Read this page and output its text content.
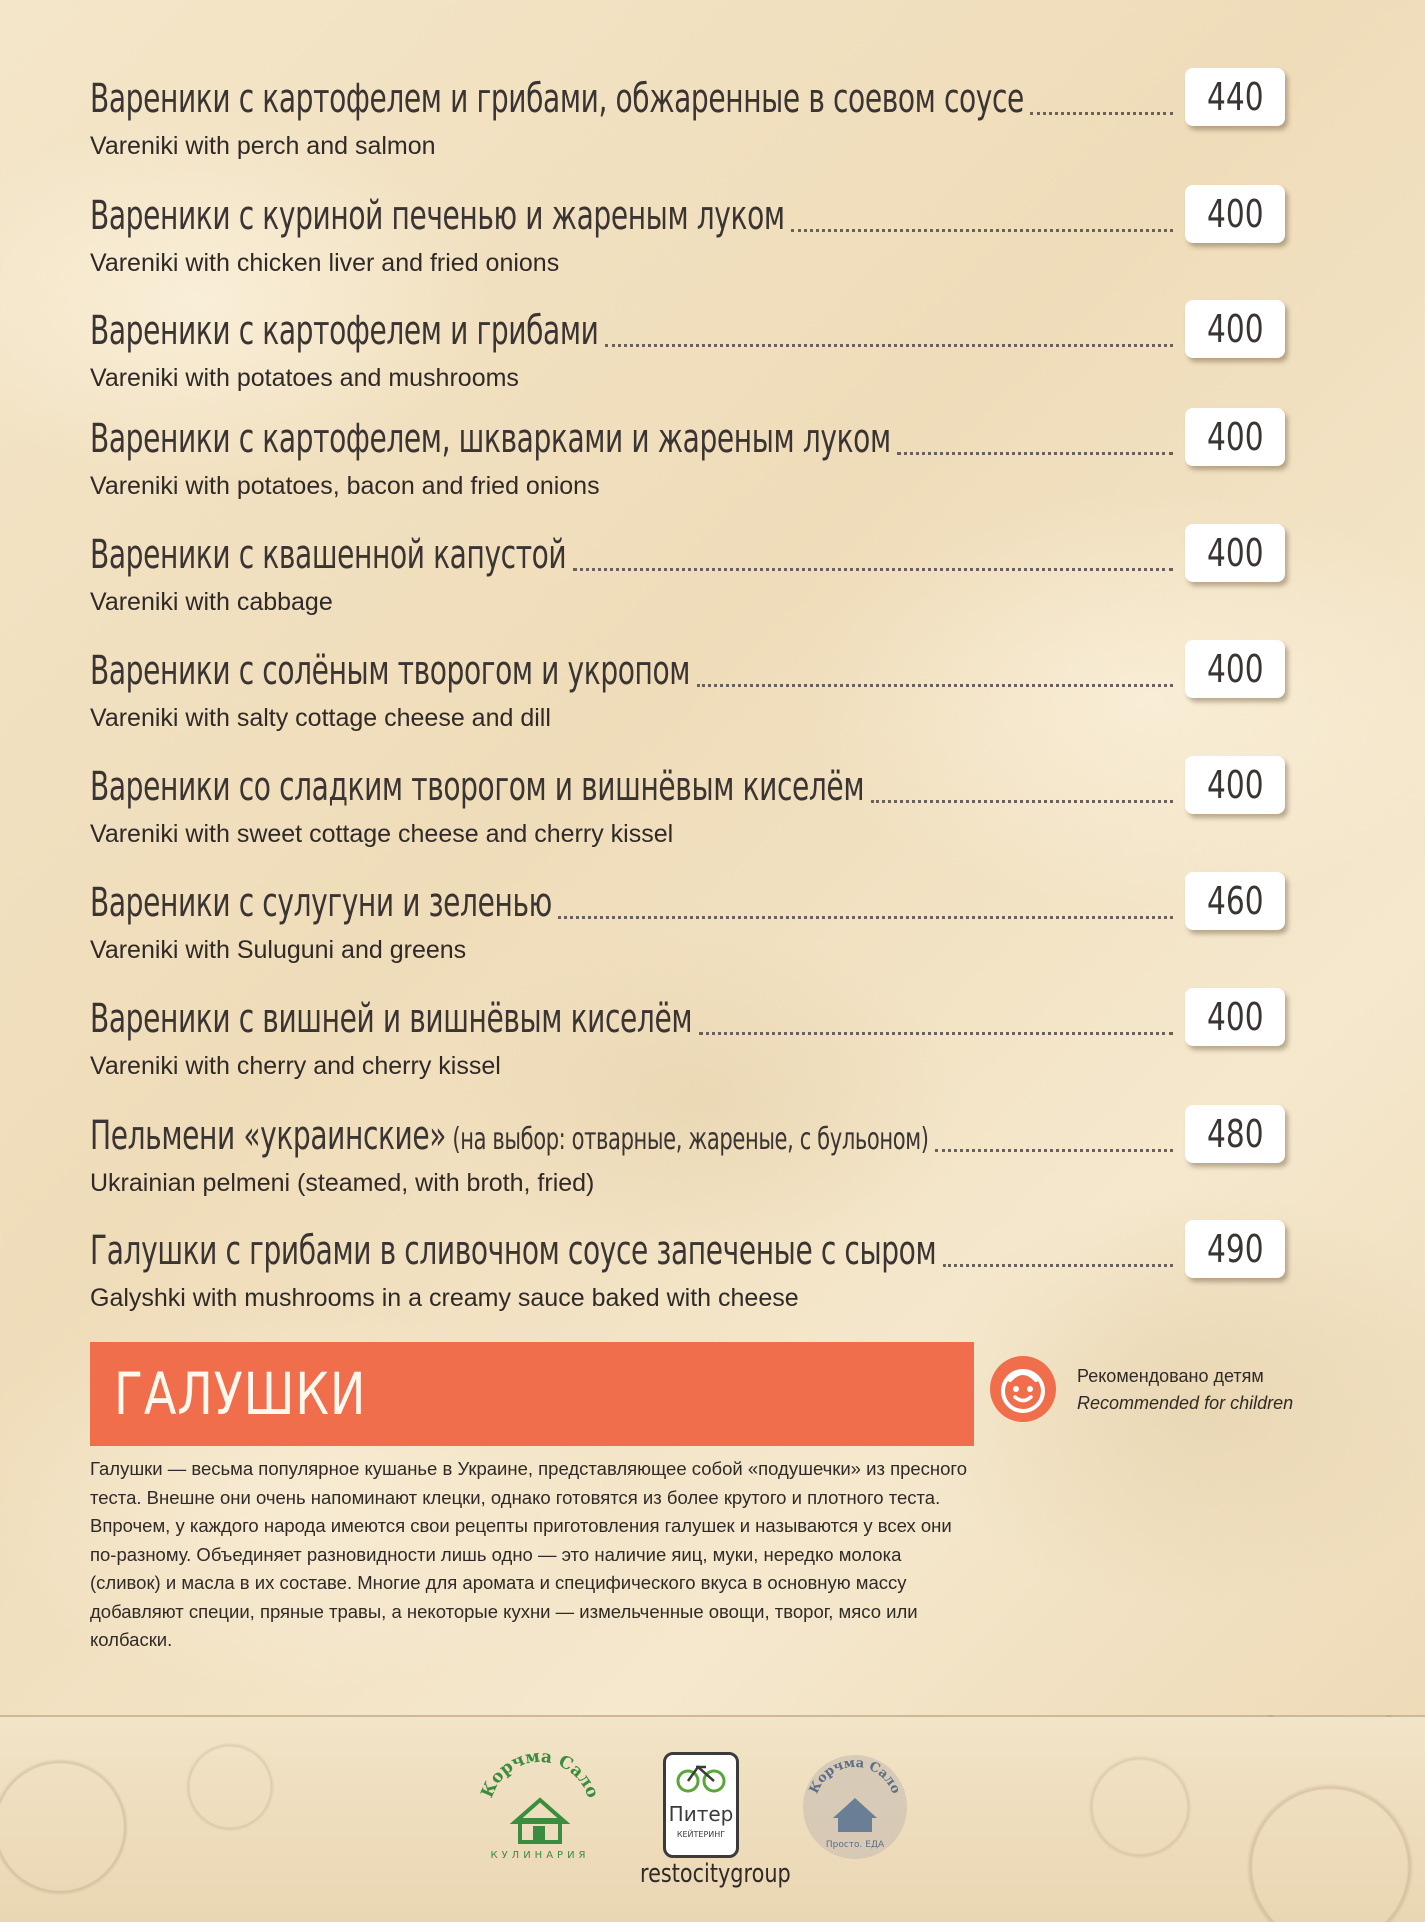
Вареники с картофелем и грибами, обжаренные в соевом соусе	440
Vareniki with perch and salmon
Вареники с куриной печенью и жареным луком	400
Vareniki with chicken liver and fried onions
Вареники с картофелем и грибами	400
Vareniki with potatoes and mushrooms
Вареники с картофелем, шкварками и жареным луком	400
Vareniki with potatoes, bacon and fried onions
Вареники с квашенной капустой	400
Vareniki with cabbage
Вареники с солёным творогом и укропом	400
Vareniki with salty cottage cheese and dill
Вареники со сладким творогом и вишнёвым киселём	400
Vareniki with sweet cottage cheese and cherry kissel
Вареники с сулугуни и зеленью	460
Vareniki with Suluguni and greens
Вареники с вишней и вишнёвым киселём	400
Vareniki with cherry and cherry kissel
Пельмени «украинские» (на выбор: отварные, жареные, с бульоном)	480
Ukrainian pelmeni (steamed, with broth, fried)
Галушки с грибами в сливочном соусе запеченые с сыром	490
Galyshki with mushrooms in a creamy sauce baked with cheese
ГАЛУШКИ	Рекомендовано детям
Recommended for children
Галушки — весьма популярное кушанье в Украине, представляющее собой «подушечки» из пресного теста. Внешне они очень напоминают клецки, однако готовятся из более крутого и плотного теста. Впрочем, у каждого народа имеются свои рецепты приготовления галушек и называются у всех они по-разному. Объединяет разновидности лишь одно — это наличие яиц, муки, нередко молока (сливок) и масла в их составе. Многие для аромата и специфического вкуса в основную массу добавляют специи, пряные травы, а некоторые кухни — измельченные овощи, творог, мясо или колбаски.
Корчма Сало
КУЛИНАРИЯ
Питер
КЕЙТЕРИНГ
Корчма Сало
Просто. ЕДА
restocitygroup
